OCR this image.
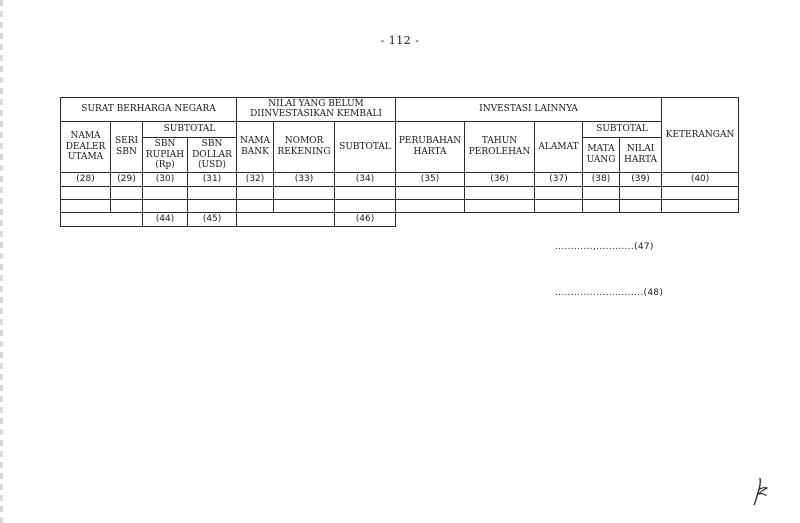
- 112 -
SURAT BERHARGA NEGARA				NILAI YANG BELUM DIINVESTASIKAN KEMBALI			INVESTASI LAINNYA					KETERANGAN
NAMA DEALER UTAMA	SERI SBN	SUBTOTAL		NAMA BANK	NOMOR REKENING	SUBTOTAL	PERUBAHAN HARTA	TAHUN PEROLEHAN	ALAMAT	SUBTOTAL		
		SBN RUPIAH (Rp)	SBN DOLLAR (USD)							MATA UANG	NILAI HARTA	
(28)	(29)	(30)	(31)	(32)	(33)	(34)	(35)	(36)	(37)	(38)	(39)	(40)

		(44)	(45)			(46)						
............,............(47)
............................(48)
